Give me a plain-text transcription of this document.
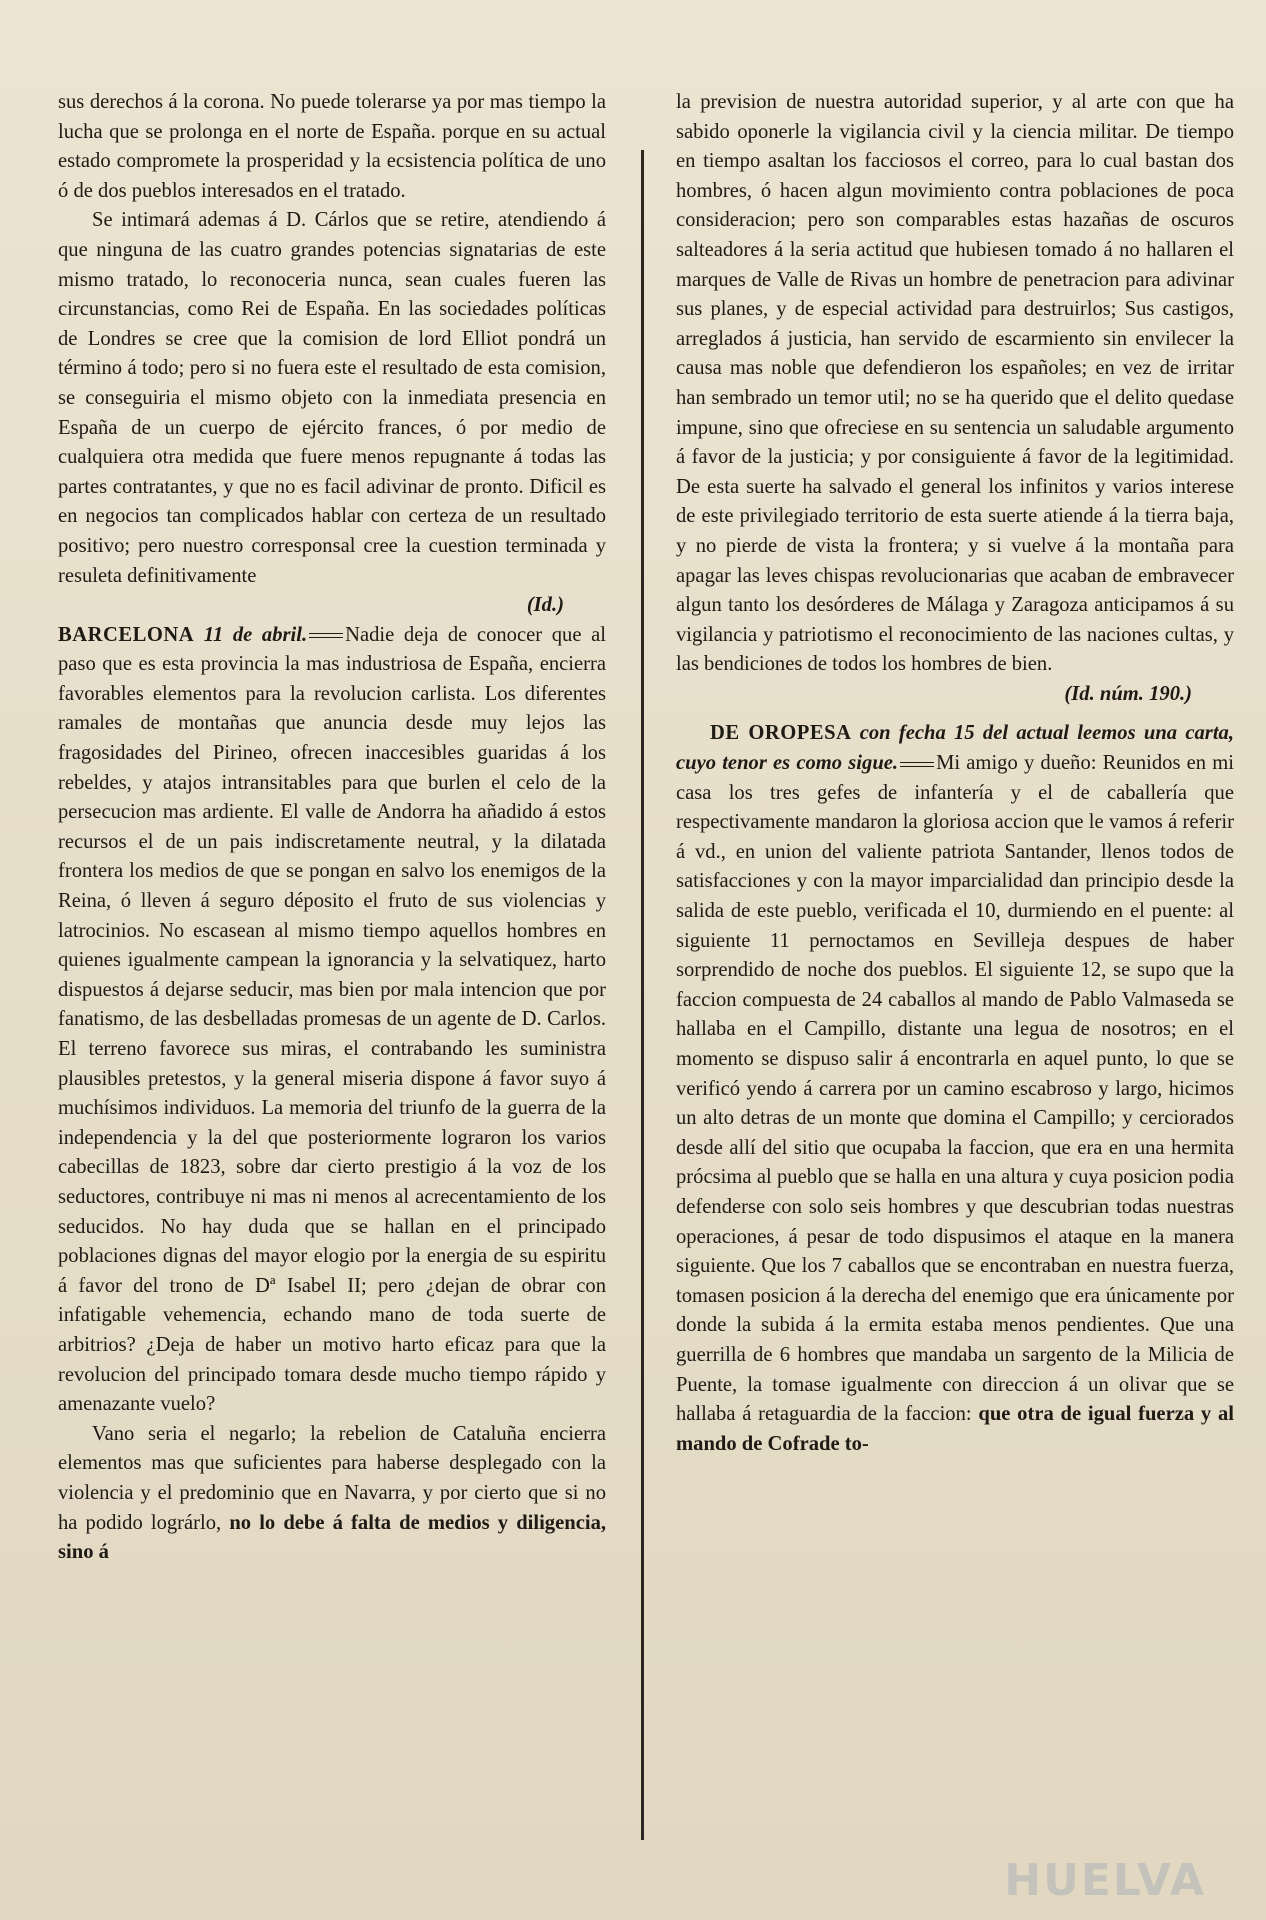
sus derechos á la corona. No puede tolerarse ya por mas tiempo la lucha que se prolonga en el norte de España. porque en su actual estado compromete la prosperidad y la ecsistencia política de uno ó de dos pueblos interesados en el tratado.

Se intimará ademas á D. Cárlos que se retire, atendiendo á que ninguna de las cuatro grandes potencias signatarias de este mismo tratado, lo reconoceria nunca, sean cuales fueren las circunstancias, como Rei de España. En las sociedades políticas de Londres se cree que la comision de lord Elliot pondrá un término á todo; pero si no fuera este el resultado de esta comision, se conseguiria el mismo objeto con la inmediata presencia en España de un cuerpo de ejército frances, ó por medio de cualquiera otra medida que fuere menos repugnante á todas las partes contratantes, y que no es facil adivinar de pronto. Dificil es en negocios tan complicados hablar con certeza de un resultado positivo; pero nuestro corresponsal cree la cuestion terminada y resuleta definitivamente

(Id.)

BARCELONA 11 de abril. Nadie deja de conocer que al paso que es esta provincia la mas industriosa de España, encierra favorables elementos para la revolucion carlista. Los diferentes ramales de montañas que anuncia desde muy lejos las fragosidades del Pirineo, ofrecen inaccesibles guaridas á los rebeldes, y atajos intransitables para que burlen el celo de la persecucion mas ardiente. El valle de Andorra ha añadido á estos recursos el de un pais indiscretamente neutral, y la dilatada frontera los medios de que se pongan en salvo los enemigos de la Reina, ó lleven á seguro déposito el fruto de sus violencias y latrocinios. No escasean al mismo tiempo aquellos hombres en quienes igualmente campean la ignorancia y la selvatiquez, harto dispuestos á dejarse seducir, mas bien por mala intencion que por fanatismo, de las desbelladas promesas de un agente de D. Carlos. El terreno favorece sus miras, el contrabando les suministra plausibles pretestos, y la general miseria dispone á favor suyo á muchísimos individuos. La memoria del triunfo de la guerra de la independencia y la del que posteriormente lograron los varios cabecillas de 1823, sobre dar cierto prestigio á la voz de los seductores, contribuye ni mas ni menos al acrecentamiento de los seducidos. No hay duda que se hallan en el principado poblaciones dignas del mayor elogio por la energia de su espiritu á favor del trono de Dª Isabel II; pero ¿dejan de obrar con infatigable vehemencia, echando mano de toda suerte de arbitrios? ¿Deja de haber un motivo harto eficaz para que la revolucion del principado tomara desde mucho tiempo rápido y amenazante vuelo?

Vano seria el negarlo; la rebelion de Cataluña encierra elementos mas que suficientes para haberse desplegado con la violencia y el predominio que en Navarra, y por cierto que si no ha podido lográrlo, no lo debe á falta de medios y diligencia, sino á

la prevision de nuestra autoridad superior, y al arte con que ha sabido oponerle la vigilancia civil y la ciencia militar. De tiempo en tiempo asaltan los facciosos el correo, para lo cual bastan dos hombres, ó hacen algun movimiento contra poblaciones de poca consideracion; pero son comparables estas hazañas de oscuros salteadores á la seria actitud que hubiesen tomado á no hallaren el marques de Valle de Rivas un hombre de penetracion para adivinar sus planes, y de especial actividad para destruirlos; Sus castigos, arreglados á justicia, han servido de escarmiento sin envilecer la causa mas noble que defendieron los españoles; en vez de irritar han sembrado un temor util; no se ha querido que el delito quedase impune, sino que ofreciese en su sentencia un saludable argumento á favor de la justicia; y por consiguiente á favor de la legitimidad. De esta suerte ha salvado el general los infinitos y varios interese de este privilegiado territorio de esta suerte atiende á la tierra baja, y no pierde de vista la frontera; y si vuelve á la montaña para apagar las leves chispas revolucionarias que acaban de embravecer algun tanto los desórderes de Málaga y Zaragoza anticipamos á su vigilancia y patriotismo el reconocimiento de las naciones cultas, y las bendiciones de todos los hombres de bien.

(Id. núm. 190.)

DE OROPESA con fecha 15 del actual leemos una carta, cuyo tenor es como sigue. Mi amigo y dueño: Reunidos en mi casa los tres gefes de infantería y el de caballería que respectivamente mandaron la gloriosa accion que le vamos á referir á vd., en union del valiente patriota Santander, llenos todos de satisfacciones y con la mayor imparcialidad dan principio desde la salida de este pueblo, verificada el 10, durmiendo en el puente: al siguiente 11 pernoctamos en Sevilleja despues de haber sorprendido de noche dos pueblos. El siguiente 12, se supo que la faccion compuesta de 24 caballos al mando de Pablo Valmaseda se hallaba en el Campillo, distante una legua de nosotros; en el momento se dispuso salir á encontrarla en aquel punto, lo que se verificó yendo á carrera por un camino escabroso y largo, hicimos un alto detras de un monte que domina el Campillo; y cerciorados desde allí del sitio que ocupaba la faccion, que era en una hermita prócsima al pueblo que se halla en una altura y cuya posicion podia defenderse con solo seis hombres y que descubrian todas nuestras operaciones, á pesar de todo dispusimos el ataque en la manera siguiente. Que los 7 caballos que se encontraban en nuestra fuerza, tomasen posicion á la derecha del enemigo que era únicamente por donde la subida á la ermita estaba menos pendientes. Que una guerrilla de 6 hombres que mandaba un sargento de la Milicia de Puente, la tomase igualmente con direccion á un olivar que se hallaba á retaguardia de la faccion: que otra de igual fuerza y al mando de Cofrade to-

HUELVA
